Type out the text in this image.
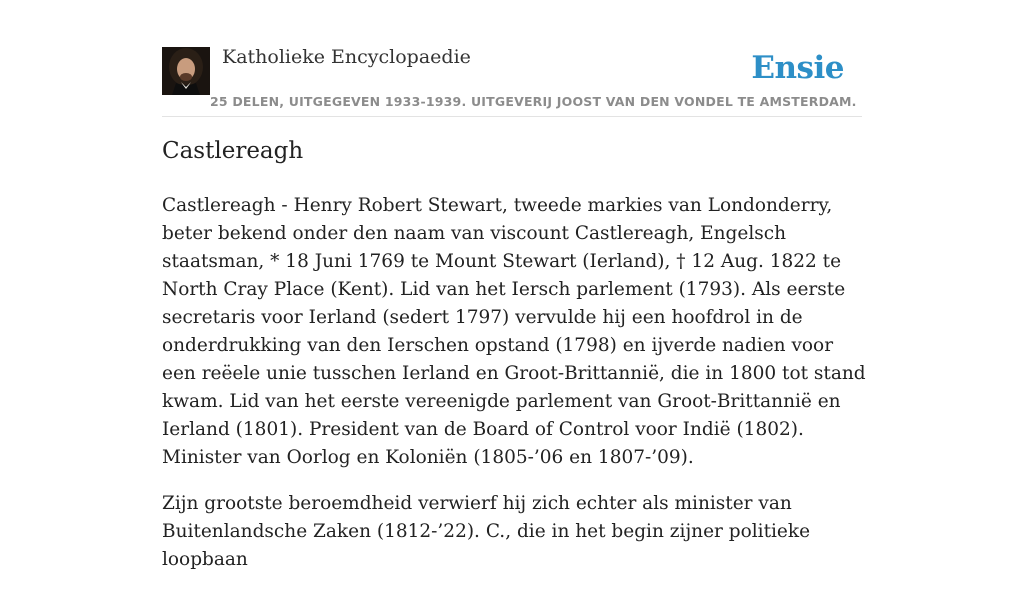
Katholieke Encyclopaedie	Ensie
25 DELEN, UITGEGEVEN 1933-1939. UITGEVERIJ JOOST VAN DEN VONDEL TE AMSTERDAM.
Castlereagh

Castlereagh - Henry Robert Stewart, tweede markies van Londonderry, beter bekend onder den naam van viscount Castlereagh, Engelsch staatsman, * 18 Juni 1769 te Mount Stewart (Ierland), † 12 Aug. 1822 te North Cray Place (Kent). Lid van het Iersch parlement (1793). Als eerste secretaris voor Ierland (sedert 1797) vervulde hij een hoofdrol in de onderdrukking van den Ierschen opstand (1798) en ijverde nadien voor een reëele unie tusschen Ierland en Groot-Brittannië, die in 1800 tot stand kwam. Lid van het eerste vereenigde parlement van Groot-Brittannië en Ierland (1801). President van de Board of Control voor Indië (1802). Minister van Oorlog en Koloniën (1805-’06 en 1807-’09).

Zijn grootste beroemdheid verwierf hij zich echter als minister van Buitenlandsche Zaken (1812-’22). C., die in het begin zijner politieke loopbaan
